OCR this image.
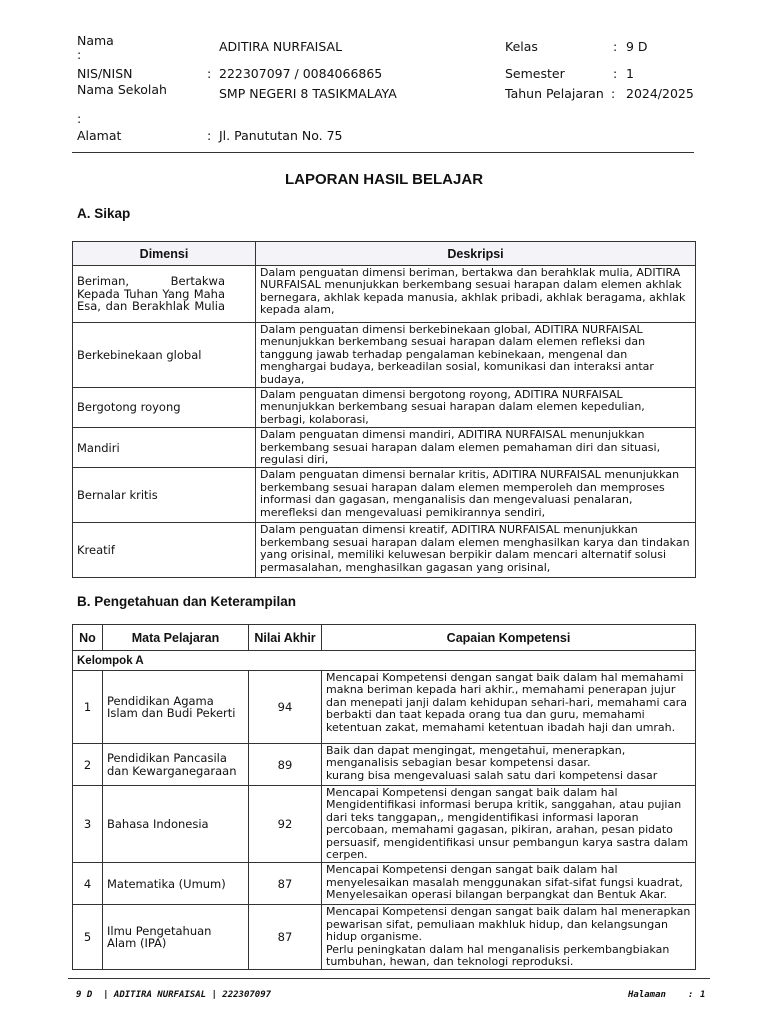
Nama
:
ADITIRA NURFAISAL
NIS/NISN	: 222307097 / 0084066865
Nama Sekolah
:
SMP NEGERI 8 TASIKMALAYA
Alamat	: Jl. Panututan No. 75
Kelas	: 9 D
Semester	: 1
Tahun Pelajaran : 2024/2025
LAPORAN HASIL BELAJAR
A. Sikap
Dimensi	Deskripsi
Beriman, Bertakwa Kepada Tuhan Yang Maha Esa, dan Berakhlak Mulia	Dalam penguatan dimensi beriman, bertakwa dan berahklak mulia, ADITIRA NURFAISAL menunjukkan berkembang sesuai harapan dalam elemen akhlak bernegara, akhlak kepada manusia, akhlak pribadi, akhlak beragama, akhlak kepada alam,
Berkebinekaan global	Dalam penguatan dimensi berkebinekaan global, ADITIRA NURFAISAL menunjukkan berkembang sesuai harapan dalam elemen refleksi dan tanggung jawab terhadap pengalaman kebinekaan, mengenal dan menghargai budaya, berkeadilan sosial, komunikasi dan interaksi antar budaya,
Bergotong royong	Dalam penguatan dimensi bergotong royong, ADITIRA NURFAISAL menunjukkan berkembang sesuai harapan dalam elemen kepedulian, berbagi, kolaborasi,
Mandiri	Dalam penguatan dimensi mandiri, ADITIRA NURFAISAL menunjukkan berkembang sesuai harapan dalam elemen pemahaman diri dan situasi, regulasi diri,
Bernalar kritis	Dalam penguatan dimensi bernalar kritis, ADITIRA NURFAISAL menunjukkan berkembang sesuai harapan dalam elemen memperoleh dan memproses informasi dan gagasan, menganalisis dan mengevaluasi penalaran, merefleksi dan mengevaluasi pemikirannya sendiri,
Kreatif	Dalam penguatan dimensi kreatif, ADITIRA NURFAISAL menunjukkan berkembang sesuai harapan dalam elemen menghasilkan karya dan tindakan yang orisinal, memiliki keluwesan berpikir dalam mencari alternatif solusi permasalahan, menghasilkan gagasan yang orisinal,
B. Pengetahuan dan Keterampilan
No	Mata Pelajaran	Nilai Akhir	Capaian Kompetensi
Kelompok A			
1	Pendidikan Agama Islam dan Budi Pekerti	94	Mencapai Kompetensi dengan sangat baik dalam hal memahami makna beriman kepada hari akhir., memahami penerapan jujur dan menepati janji dalam kehidupan sehari-hari, memahami cara berbakti dan taat kepada orang tua dan guru, memahami ketentuan zakat, memahami ketentuan ibadah haji dan umrah.
2	Pendidikan Pancasila dan Kewarganegaraan	89	Baik dan dapat mengingat, mengetahui, menerapkan, menganalisis sebagian besar kompetensi dasar.
kurang bisa mengevaluasi salah satu dari kompetensi dasar
3	Bahasa Indonesia	92	Mencapai Kompetensi dengan sangat baik dalam hal Mengidentifikasi informasi berupa kritik, sanggahan, atau pujian dari teks tanggapan,, mengidentifikasi informasi laporan percobaan, memahami gagasan, pikiran, arahan, pesan pidato persuasif, mengidentifikasi unsur pembangun karya sastra dalam cerpen.
4	Matematika (Umum)	87	Mencapai Kompetensi dengan sangat baik dalam hal menyelesaikan masalah menggunakan sifat-sifat fungsi kuadrat, Menyelesaikan operasi bilangan berpangkat dan Bentuk Akar.
5	Ilmu Pengetahuan Alam (IPA)	87	Mencapai Kompetensi dengan sangat baik dalam hal menerapkan pewarisan sifat, pemuliaan makhluk hidup, dan kelangsungan hidup organisme.
Perlu peningkatan dalam hal menganalisis perkembangbiakan tumbuhan, hewan, dan teknologi reproduksi.
9 D  | ADITIRA NURFAISAL | 222307097	Halaman : 1
